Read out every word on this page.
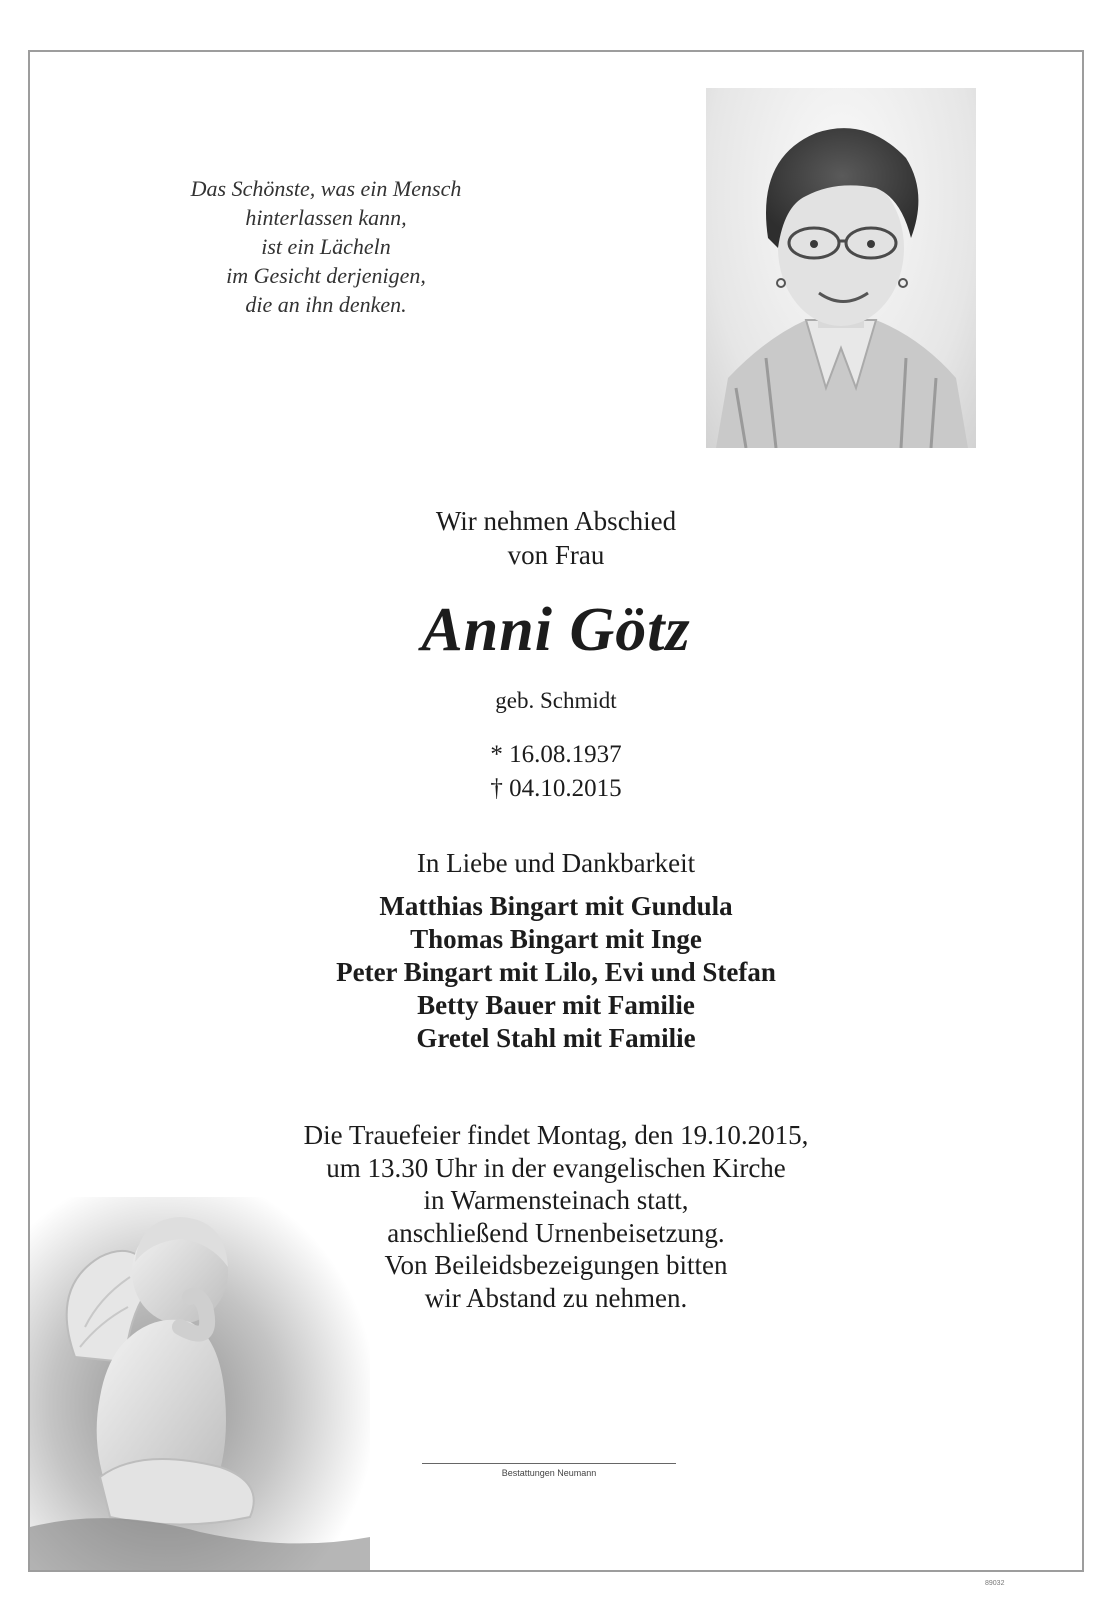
Das Schönste, was ein Mensch
hinterlassen kann,
ist ein Lächeln
im Gesicht derjenigen,
die an ihn denken.
Wir nehmen Abschied
von Frau
Anni Götz
geb. Schmidt
* 16.08.1937
† 04.10.2015
In Liebe und Dankbarkeit
Matthias Bingart mit Gundula
Thomas Bingart mit Inge
Peter Bingart mit Lilo, Evi und Stefan
Betty Bauer mit Familie
Gretel Stahl mit Familie
Die Trauefeier findet Montag, den 19.10.2015,
um 13.30 Uhr in der evangelischen Kirche
in Warmensteinach statt,
anschließend Urnenbeisetzung.
Von Beileidsbezeigungen bitten
wir Abstand zu nehmen.
Bestattungen Neumann
89032
